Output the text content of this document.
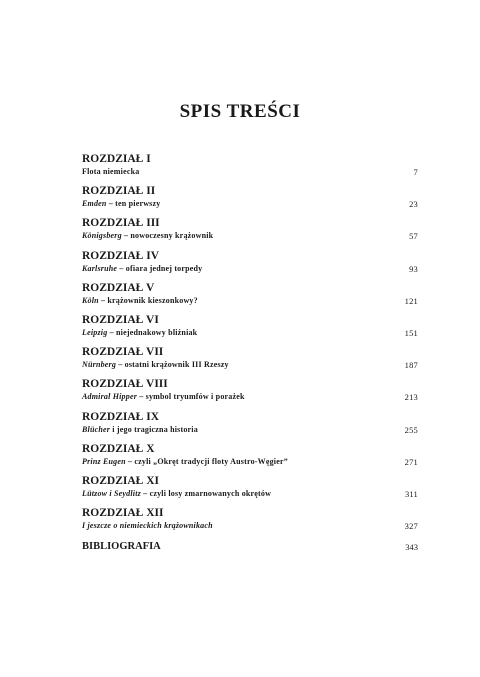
SPIS TREŚCI
ROZDZIAŁ I
Flota niemiecka	7
ROZDZIAŁ II
Emden – ten pierwszy	23
ROZDZIAŁ III
Königsberg – nowoczesny krążownik	57
ROZDZIAŁ IV
Karlsruhe – ofiara jednej torpedy	93
ROZDZIAŁ V
Köln – krążownik kieszonkowy?	121
ROZDZIAŁ VI
Leipzig – niejednakowy bliźniak	151
ROZDZIAŁ VII
Nürnberg – ostatni krążownik III Rzeszy	187
ROZDZIAŁ VIII
Admiral Hipper – symbol tryumfów i porażek	213
ROZDZIAŁ IX
Blücher i jego tragiczna historia	255
ROZDZIAŁ X
Prinz Eugen – czyli „Okręt tradycji floty Austro-Węgier”	271
ROZDZIAŁ XI
Lützow i Seydlitz – czyli losy zmarnowanych okrętów	311
ROZDZIAŁ XII
I jeszcze o niemieckich krążownikach	327
BIBLIOGRAFIA	343
